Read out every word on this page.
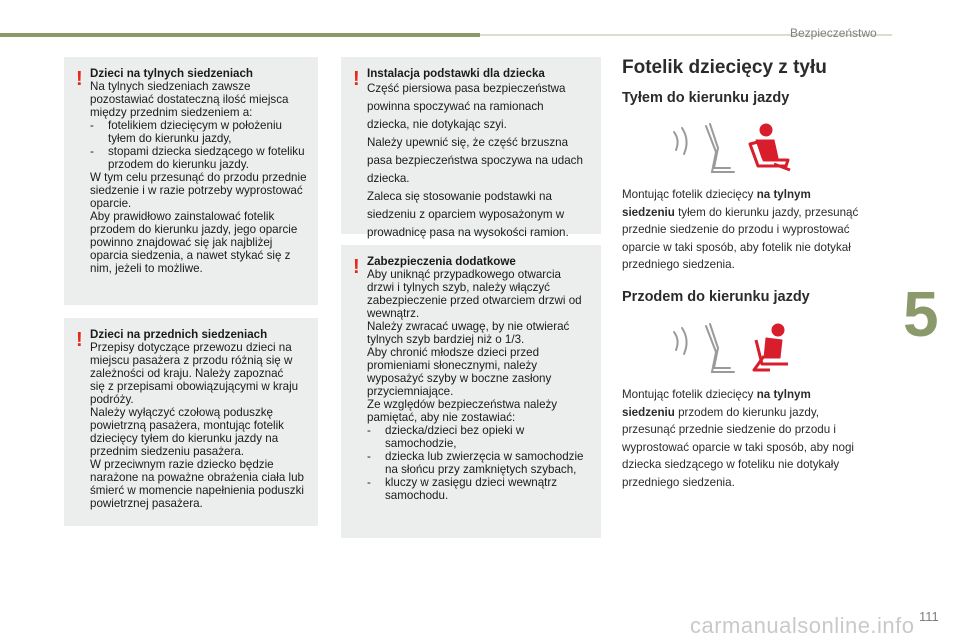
Bezpieczeństwo
5
111
carmanualsonline.info
! Dzieci na tylnych siedzeniach

Na tylnych siedzeniach zawsze

pozostawiać dostateczną ilość miejsca

między przednim siedzeniem a:

- fotelikiem dziecięcym w położeniu
tyłem do kierunku jazdy,
- stopami dziecka siedzącego w foteliku
przodem do kierunku jazdy.

W tym celu przesunąć do przodu przednie

siedzenie i w razie potrzeby wyprostować

oparcie.

Aby prawidłowo zainstalować fotelik

przodem do kierunku jazdy, jego oparcie

powinno znajdować się jak najbliżej

oparcia siedzenia, a nawet stykać się z

nim, jeżeli to możliwe.

! Dzieci na przednich siedzeniach

Przepisy dotyczące przewozu dzieci na

miejscu pasażera z przodu różnią się w

zależności od kraju. Należy zapoznać

się z przepisami obowiązującymi w kraju

podróży.

Należy wyłączyć czołową poduszkę

powietrzną pasażera, montując fotelik

dziecięcy tyłem do kierunku jazdy na

przednim siedzeniu pasażera.

W przeciwnym razie dziecko będzie

narażone na poważne obrażenia ciała lub

śmierć w momencie napełnienia poduszki

powietrznej pasażera.

! Instalacja podstawki dla dziecka

Część piersiowa pasa bezpieczeństwa

powinna spoczywać na ramionach

dziecka, nie dotykając szyi.

Należy upewnić się, że część brzuszna

pasa bezpieczeństwa spoczywa na udach

dziecka.

Zaleca się stosowanie podstawki na

siedzeniu z oparciem wyposażonym w

prowadnicę pasa na wysokości ramion.

! Zabezpieczenia dodatkowe

Aby uniknąć przypadkowego otwarcia

drzwi i tylnych szyb, należy włączyć

zabezpieczenie przed otwarciem drzwi od

wewnątrz.

Należy zwracać uwagę, by nie otwierać

tylnych szyb bardziej niż o 1/3.

Aby chronić młodsze dzieci przed

promieniami słonecznymi, należy

wyposażyć szyby w boczne zasłony

przyciemniające.

Ze względów bezpieczeństwa należy

pamiętać, aby nie zostawiać:

- dziecka/dzieci bez opieki w
samochodzie,
- dziecka lub zwierzęcia w samochodzie
na słońcu przy zamkniętych szybach,
- kluczy w zasięgu dzieci wewnątrz
samochodu.
Fotelik dziecięcy z tyłu
Tyłem do kierunku jazdy
Montując fotelik dziecięcy na tylnym
siedzeniu tyłem do kierunku jazdy, przesunąć
przednie siedzenie do przodu i wyprostować
oparcie w taki sposób, aby fotelik nie dotykał
przedniego siedzenia.
Przodem do kierunku jazdy
Montując fotelik dziecięcy na tylnym
siedzeniu przodem do kierunku jazdy,
przesunąć przednie siedzenie do przodu i
wyprostować oparcie w taki sposób, aby nogi
dziecka siedzącego w foteliku nie dotykały
przedniego siedzenia.
